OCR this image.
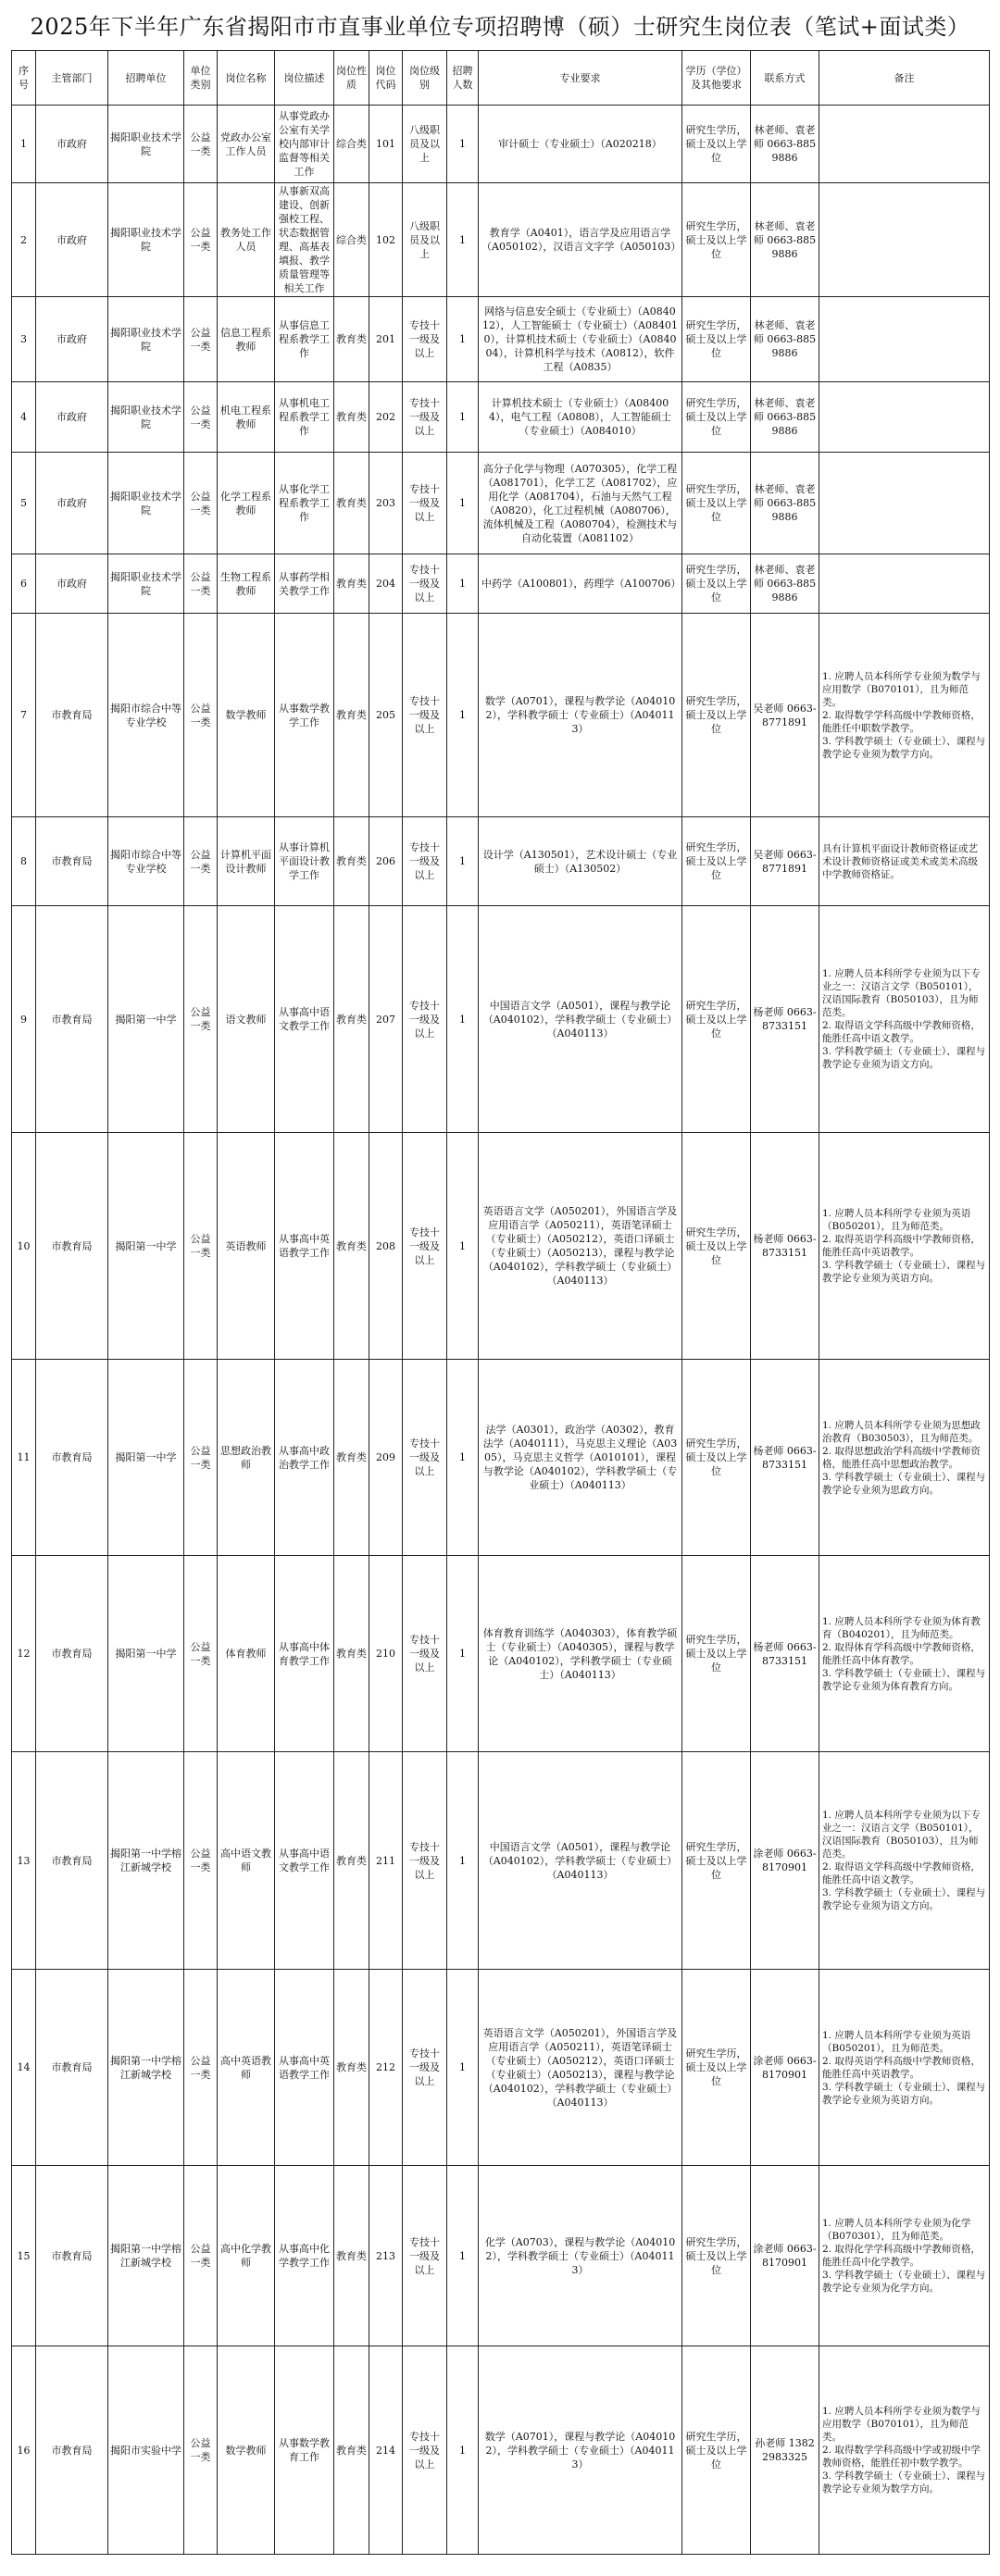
2025年下半年广东省揭阳市市直事业单位专项招聘博（硕）士研究生岗位表（笔试+面试类）
序号	主管部门	招聘单位	单位类别	岗位名称	岗位描述	岗位性质	岗位代码	岗位级别	招聘人数	专业要求	学历（学位）及其他要求	联系方式	备注
1	市政府	揭阳职业技术学院	公益一类	党政办公室工作人员	从事党政办公室有关学校内部审计监督等相关工作	综合类	101	八级职员及以上	1	审计硕士（专业硕士）（A020218）	研究生学历，硕士及以上学位	林老师、袁老师 0663-8859886	
2	市政府	揭阳职业技术学院	公益一类	教务处工作人员	从事新双高建设、创新强校工程、状态数据管理、高基表填报、教学质量管理等相关工作	综合类	102	八级职员及以上	1	教育学（A0401），语言学及应用语言学（A050102），汉语言文字学（A050103）	研究生学历，硕士及以上学位	林老师、袁老师 0663-8859886	
3	市政府	揭阳职业技术学院	公益一类	信息工程系教师	从事信息工程系教学工作	教育类	201	专技十一级及以上	1	网络与信息安全硕士（专业硕士）（A084012），人工智能硕士（专业硕士）（A084010），计算机技术硕士（专业硕士）（A084004），计算机科学与技术（A0812），软件工程（A0835）	研究生学历，硕士及以上学位	林老师、袁老师 0663-8859886	
4	市政府	揭阳职业技术学院	公益一类	机电工程系教师	从事机电工程系教学工作	教育类	202	专技十一级及以上	1	计算机技术硕士（专业硕士）（A084004），电气工程（A0808），人工智能硕士（专业硕士）（A084010）	研究生学历，硕士及以上学位	林老师、袁老师 0663-8859886	
5	市政府	揭阳职业技术学院	公益一类	化学工程系教师	从事化学工程系教学工作	教育类	203	专技十一级及以上	1	高分子化学与物理（A070305），化学工程（A081701），化学工艺（A081702），应用化学（A081704），石油与天然气工程（A0820），化工过程机械（A080706），流体机械及工程（A080704），检测技术与自动化装置（A081102）	研究生学历，硕士及以上学位	林老师、袁老师 0663-8859886	
6	市政府	揭阳职业技术学院	公益一类	生物工程系教师	从事药学相关教学工作	教育类	204	专技十一级及以上	1	中药学（A100801），药理学（A100706）	研究生学历，硕士及以上学位	林老师、袁老师 0663-8859886	
7	市教育局	揭阳市综合中等专业学校	公益一类	数学教师	从事数学教学工作	教育类	205	专技十一级及以上	1	数学（A0701），课程与教学论（A040102），学科教学硕士（专业硕士）（A040113）	研究生学历，硕士及以上学位	吴老师 0663-8771891	1. 应聘人员本科所学专业须为数学与应用数学（B070101），且为师范类。
2. 取得数学学科高级中学教师资格，能胜任中职数学教学。
3. 学科教学硕士（专业硕士）、课程与教学论专业须为数学方向。

8	市教育局	揭阳市综合中等专业学校	公益一类	计算机平面设计教师	从事计算机平面设计教学工作	教育类	206	专技十一级及以上	1	设计学（A130501），艺术设计硕士（专业硕士）（A130502）	研究生学历，硕士及以上学位	吴老师 0663-8771891	具有计算机平面设计教师资格证或艺术设计教师资格证或美术或美术高级中学教师资格证。

9	市教育局	揭阳第一中学	公益一类	语文教师	从事高中语文教学工作	教育类	207	专技十一级及以上	1	中国语言文学（A0501），课程与教学论（A040102），学科教学硕士（专业硕士）（A040113）	研究生学历，硕士及以上学位	杨老师 0663-8733151	1. 应聘人员本科所学专业须为以下专业之一：汉语言文学（B050101），汉语国际教育（B050103），且为师范类。
2. 取得语文学科高级中学教师资格，能胜任高中语文教学。
3. 学科教学硕士（专业硕士）、课程与教学论专业须为语文方向。

10	市教育局	揭阳第一中学	公益一类	英语教师	从事高中英语教学工作	教育类	208	专技十一级及以上	1	英语语言文学（A050201），外国语言学及应用语言学（A050211），英语笔译硕士（专业硕士）（A050212），英语口译硕士（专业硕士）（A050213），课程与教学论（A040102），学科教学硕士（专业硕士）（A040113）	研究生学历，硕士及以上学位	杨老师 0663-8733151	1. 应聘人员本科所学专业须为英语（B050201），且为师范类。
2. 取得英语学科高级中学教师资格，能胜任高中英语教学。
3. 学科教学硕士（专业硕士）、课程与教学论专业须为英语方向。

11	市教育局	揭阳第一中学	公益一类	思想政治教师	从事高中政治教学工作	教育类	209	专技十一级及以上	1	法学（A0301），政治学（A0302），教育法学（A040111），马克思主义理论（A0305），马克思主义哲学（A010101），课程与教学论（A040102），学科教学硕士（专业硕士）（A040113）	研究生学历，硕士及以上学位	杨老师 0663-8733151	1. 应聘人员本科所学专业须为思想政治教育（B030503），且为师范类。
2. 取得思想政治学科高级中学教师资格，能胜任高中思想政治教学。
3. 学科教学硕士（专业硕士）、课程与教学论专业须为思政方向。

12	市教育局	揭阳第一中学	公益一类	体育教师	从事高中体育教学工作	教育类	210	专技十一级及以上	1	体育教育训练学（A040303），体育教学硕士（专业硕士）（A040305），课程与教学论（A040102），学科教学硕士（专业硕士）（A040113）	研究生学历，硕士及以上学位	杨老师 0663-8733151	1. 应聘人员本科所学专业须为体育教育（B040201），且为师范类。
2. 取得体育学科高级中学教师资格，能胜任高中体育教学。
3. 学科教学硕士（专业硕士）、课程与教学论专业须为体育教育方向。

13	市教育局	揭阳第一中学榕江新城学校	公益一类	高中语文教师	从事高中语文教学工作	教育类	211	专技十一级及以上	1	中国语言文学（A0501），课程与教学论（A040102），学科教学硕士（专业硕士）（A040113）	研究生学历，硕士及以上学位	涂老师 0663-8170901	1. 应聘人员本科所学专业须为以下专业之一：汉语言文学（B050101），汉语国际教育（B050103），且为师范类。
2. 取得语文学科高级中学教师资格，能胜任高中语文教学。
3. 学科教学硕士（专业硕士）、课程与教学论专业须为语文方向。

14	市教育局	揭阳第一中学榕江新城学校	公益一类	高中英语教师	从事高中英语教学工作	教育类	212	专技十一级及以上	1	英语语言文学（A050201），外国语言学及应用语言学（A050211），英语笔译硕士（专业硕士）（A050212），英语口译硕士（专业硕士）（A050213），课程与教学论（A040102），学科教学硕士（专业硕士）（A040113）	研究生学历，硕士及以上学位	涂老师 0663-8170901	1. 应聘人员本科所学专业须为英语（B050201），且为师范类。
2. 取得英语学科高级中学教师资格，能胜任高中英语教学。
3. 学科教学硕士（专业硕士）、课程与教学论专业须为英语方向。

15	市教育局	揭阳第一中学榕江新城学校	公益一类	高中化学教师	从事高中化学教学工作	教育类	213	专技十一级及以上	1	化学（A0703），课程与教学论（A040102），学科教学硕士（专业硕士）（A040113）	研究生学历，硕士及以上学位	涂老师 0663-8170901	1. 应聘人员本科所学专业须为化学（B070301），且为师范类。
2. 取得化学学科高级中学教师资格，能胜任高中化学教学。
3. 学科教学硕士（专业硕士）、课程与教学论专业须为化学方向。

16	市教育局	揭阳市实验中学	公益一类	数学教师	从事数学教育工作	教育类	214	专技十一级及以上	1	数学（A0701），课程与教学论（A040102），学科教学硕士（专业硕士）（A040113）	研究生学历，硕士及以上学位	孙老师 13822983325	1. 应聘人员本科所学专业须为数学与应用数学（B070101），且为师范类。
2. 取得数学学科高级中学或初级中学教师资格，能胜任初中数学教学。
3. 学科教学硕士（专业硕士）、课程与教学论专业须为数学方向。
